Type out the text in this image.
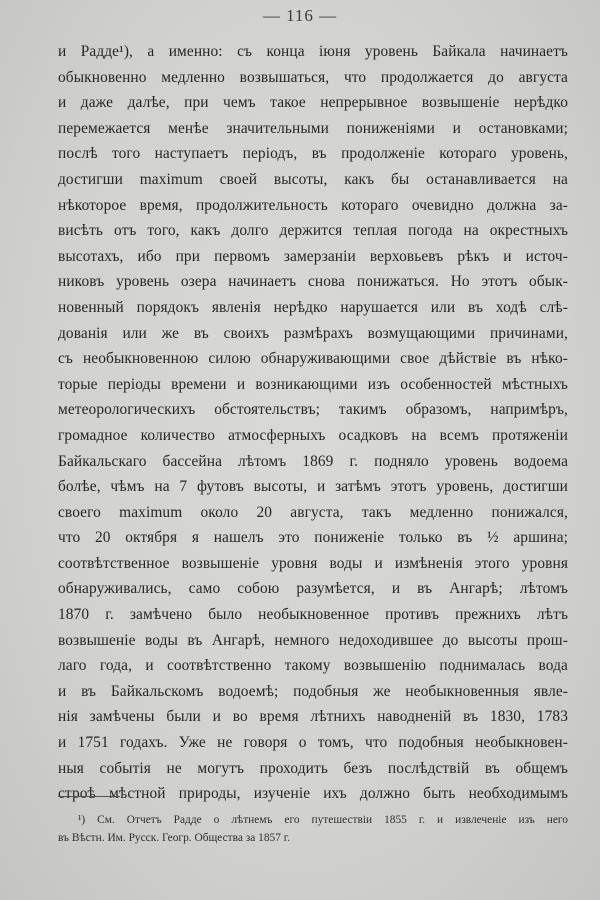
— 116 —
и Радде¹), а именно: съ конца іюня уровень Байкала начинаетъ
обыкновенно медленно возвышаться, что продолжается до августа
и даже далѣе, при чемъ такое непрерывное возвышеніе нерѣдко
перемежается менѣе значительными пониженіями и остановками;
послѣ того наступаетъ періодъ, въ продолженіе котораго уровень,
достигши maximum своей высоты, какъ бы останавливается на
нѣкоторое время, продолжительность котораго очевидно должна за-
висѣть отъ того, какъ долго держится теплая погода на окрестныхъ
высотахъ, ибо при первомъ замерзаніи верховьевъ рѣкъ и источ-
никовъ уровень озера начинаетъ снова понижаться. Но этотъ обык-
новенный порядокъ явленія нерѣдко нарушается или въ ходѣ слѣ-
дованія или же въ своихъ размѣрахъ возмущающими причинами,
съ необыкновенною силою обнаруживающими свое дѣйствіе въ нѣко-
торые періоды времени и возникающими изъ особенностей мѣстныхъ
метеорологическихъ обстоятельствъ; такимъ образомъ, напримѣръ,
громадное количество атмосферныхъ осадковъ на всемъ протяженіи
Байкальскаго бассейна лѣтомъ 1869 г. подняло уровень водоема
болѣе, чѣмъ на 7 футовъ высоты, и затѣмъ этотъ уровень, достигши
своего maximum около 20 августа, такъ медленно понижался,
что 20 октября я нашелъ это пониженіе только въ ½ аршина;
соотвѣтственное возвышеніе уровня воды и измѣненія этого уровня
обнаруживались, само собою разумѣется, и въ Ангарѣ; лѣтомъ
1870 г. замѣчено было необыкновенное противъ прежнихъ лѣтъ
возвышеніе воды въ Ангарѣ, немного недоходившее до высоты прош-
лаго года, и соотвѣтственно такому возвышенію поднималась вода
и въ Байкальскомъ водоемѣ; подобныя же необыкновенныя явле-
нія замѣчены были и во время лѣтнихъ наводненій въ 1830, 1783
и 1751 годахъ. Уже не говоря о томъ, что подобныя необыкновен-
ныя событія не могутъ проходить безъ послѣдствій въ общемъ
строѣ мѣстной природы, изученіе ихъ должно быть необходимымъ
¹) См. Отчетъ Радде о лѣтнемъ его путешествіи 1855 г. и извлеченіе изъ него
въ Вѣстн. Им. Русск. Геогр. Общества за 1857 г.
